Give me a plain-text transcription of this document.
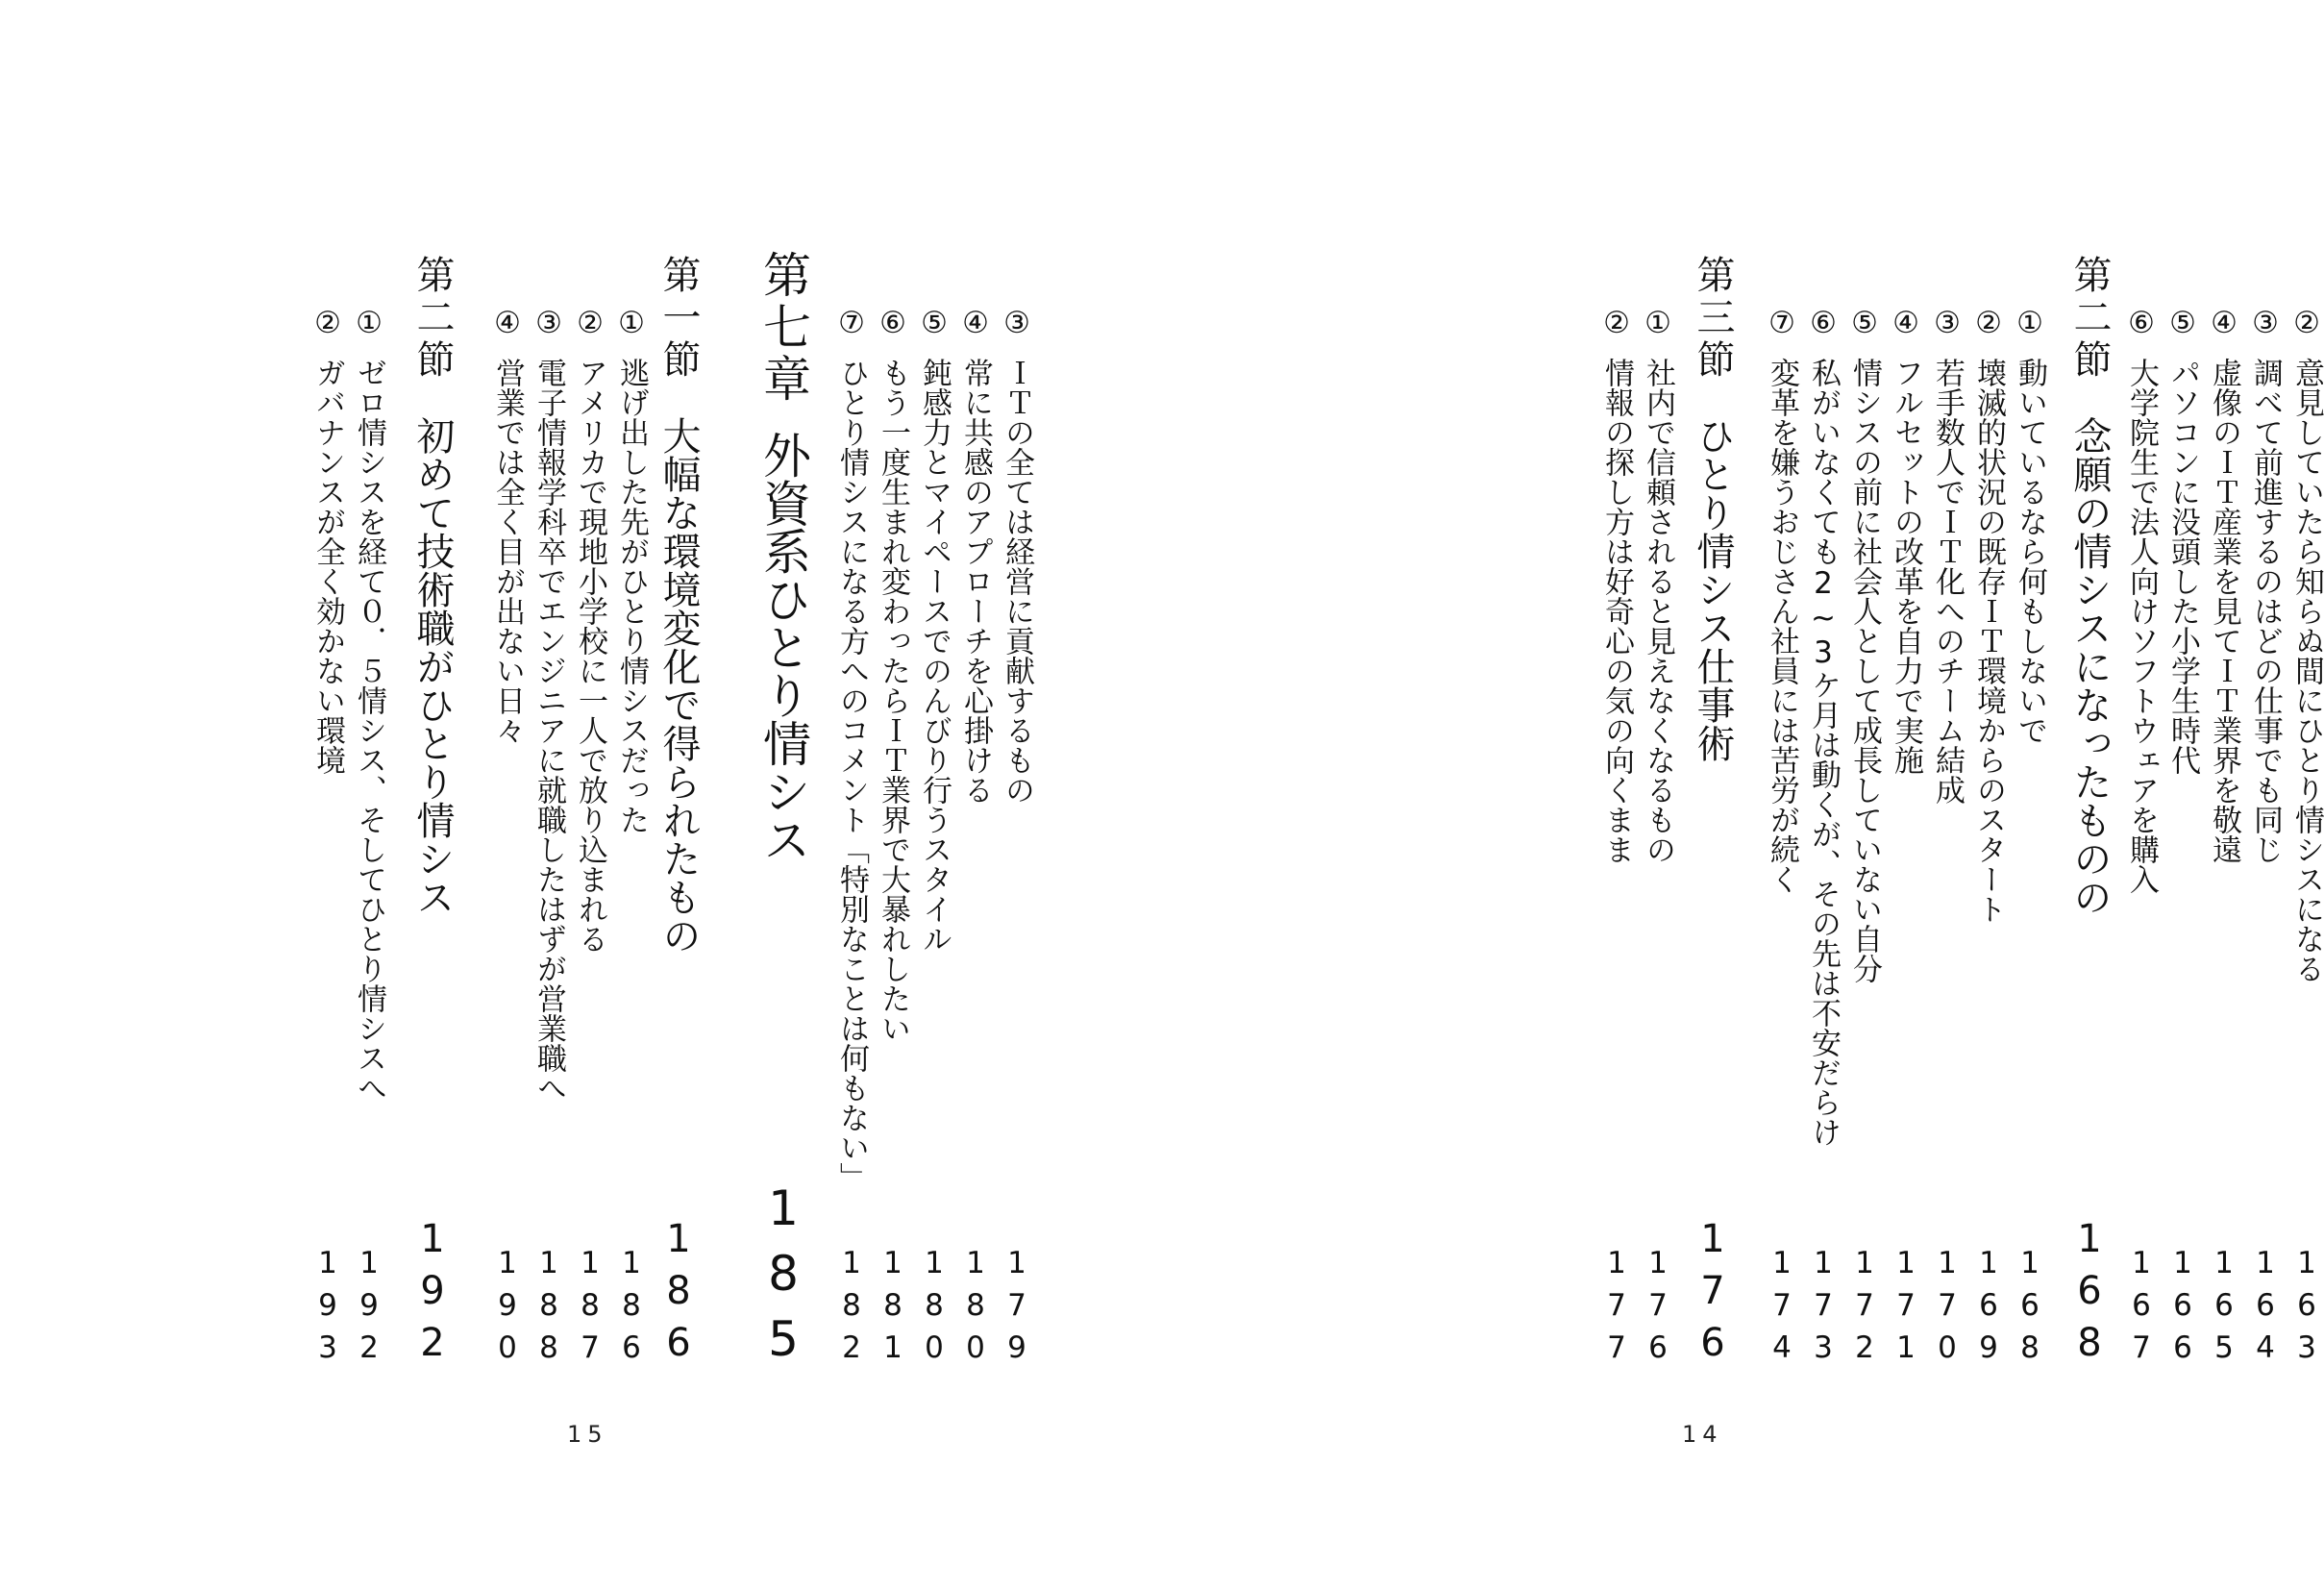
②
意見していたら知らぬ間にひとり情シスになる
163
③
調べて前進するのはどの仕事でも同じ
164
④
虚像のＩＴ産業を見てＩＴ業界を敬遠
165
⑤
パソコンに没頭した小学生時代
166
⑥
大学院生で法人向けソフトウェアを購入
167
第二節念願の情シスになったものの
168
①
動いているなら何もしないで
168
②
壊滅的状況の既存ＩＴ環境からのスタート
169
③
若手数人でＩＴ化へのチーム結成
170
④
フルセットの改革を自力で実施
171
⑤
情シスの前に社会人として成長していない自分
172
⑥
私がいなくても2~3ケ月は動くが、その先は不安だらけ
173
⑦
変革を嫌うおじさん社員には苦労が続く
174
第三節ひとり情シス仕事術
176
①
社内で信頼されると見えなくなるもの
176
②
情報の探し方は好奇心の気の向くまま
177
14
③
ＩＴの全ては経営に貢献するもの
179
④
常に共感のアプローチを心掛ける
180
⑤
鈍感力とマイペースでのんびり行うスタイル
180
⑥
もう一度生まれ変わったらＩＴ業界で大暴れしたい
181
⑦
ひとり情シスになる方へのコメント「特別なことは何もない」
182
第七章外資系ひとり情シス
185
第一節大幅な環境変化で得られたもの
186
①
逃げ出した先がひとり情シスだった
186
②
アメリカで現地小学校に一人で放り込まれる
187
③
電子情報学科卒でエンジニアに就職したはずが営業職へ
188
④
営業では全く目が出ない日々
190
第二節初めて技術職がひとり情シス
192
①
ゼロ情シスを経て０．５情シス、そしてひとり情シスへ
192
②
ガバナンスが全く効かない環境
193
15
